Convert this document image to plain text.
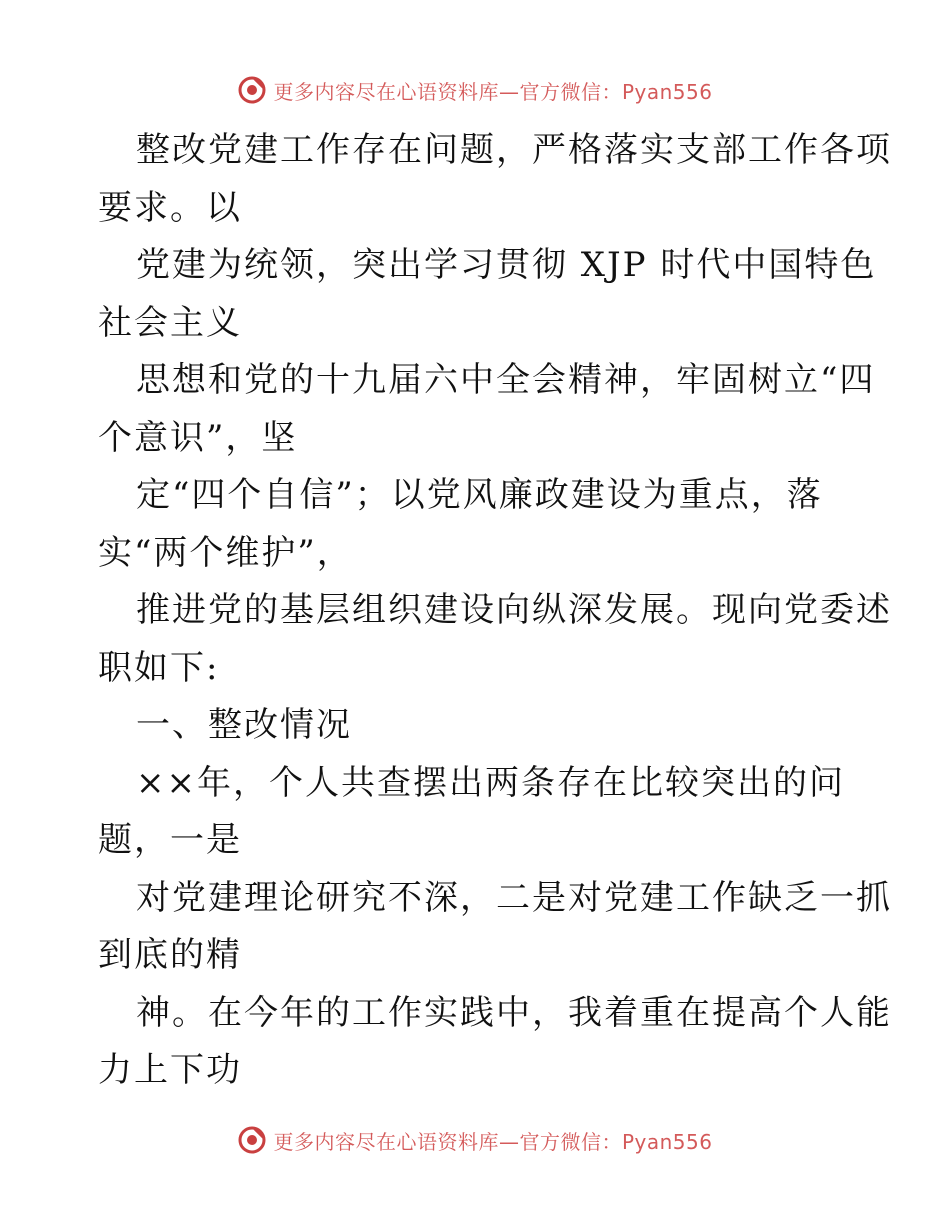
更多内容尽在心语资料库—官方微信：Pyan556
整改党建工作存在问题，严格落实支部工作各项
要求。以
党建为统领，突出学习贯彻 XJP 时代中国特色
社会主义
思想和党的十九届六中全会精神，牢固树立“四
个意识”，坚
定“四个自信”；以党风廉政建设为重点，落
实“两个维护”，
推进党的基层组织建设向纵深发展。现向党委述
职如下:
一、整改情况
××年，个人共查摆出两条存在比较突出的问
题，一是
对党建理论研究不深，二是对党建工作缺乏一抓
到底的精
神。在今年的工作实践中，我着重在提高个人能
力上下功
更多内容尽在心语资料库—官方微信：Pyan556
